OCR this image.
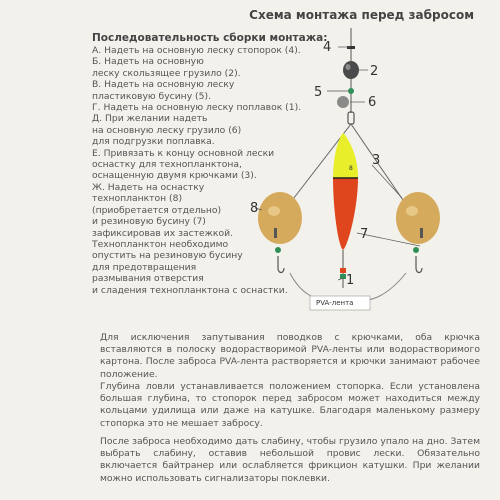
Схема монтажа перед забросом
Последовательность сборки монтажа:
А. Надеть на основную леску стопорок (4).
Б. Надеть на основную
леску скользящее грузило (2).
В. Надеть на основную леску
пластиковую бусину (5).
Г. Надеть на основную леску поплавок (1).
Д. При желании надеть
на основную леску грузило (6)
для подгрузки поплавка.
Е. Привязать к концу основной лески
оснастку для технопланктона,
оснащенную двумя крючками (3).
Ж. Надеть на оснастку
технопланктон (8)
(приобретается отдельно)
и резиновую бусину (7)
зафиксировав их застежкой.
Технопланктон необходимо
опустить на резиновую бусину
для предотвращения
размывания отверстия
и сладения технопланктона с оснастки.
8
PVA-лента
4
2
5
6
3
8
7
1

Для исключения запутывания поводков с крючками, оба крючка вставляются в полоску водорастворимой PVA-ленты или водорастворимого картона. После заброса PVA-лента растворяется и крючки занимают рабочее положение.

Глубина ловли устанавливается положением стопорка. Если установлена большая глубина, то стопорок перед забросом может находиться между кольцами удилища или даже на катушке. Благодаря маленькому размеру стопорка это не мешает забросу.

После заброса необходимо дать слабину, чтобы грузило упало на дно. Затем выбрать слабину, оставив небольшой провис лески. Обязательно включается байтранер или ослабляется фрикцион катушки. При желании можно использовать сигнализаторы поклевки.
